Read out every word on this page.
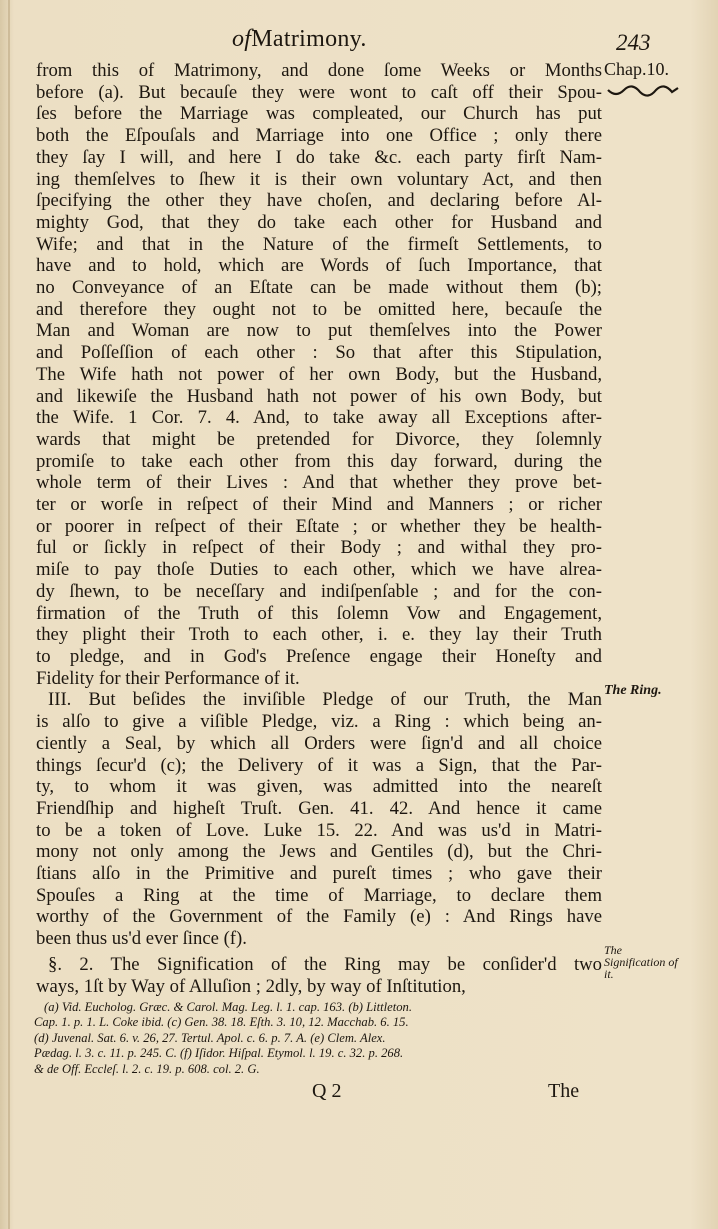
ofMatrimony.	243
Chap.10.
from this of Matrimony, and done ſome Weeks or Months
before (a). But becauſe they were wont to caſt off their Spou-
ſes before the Marriage was compleated, our Church has put
both the Eſpouſals and Marriage into one Office ; only there
they ſay I will, and here I do take &c. each party firſt Nam-
ing themſelves to ſhew it is their own voluntary Act, and then
ſpecifying the other they have choſen, and declaring before Al-
mighty God, that they do take each other for Husband and
Wife; and that in the Nature of the firmeſt Settlements, to
have and to hold, which are Words of ſuch Importance, that
no Conveyance of an Eſtate can be made without them (b);
and therefore they ought not to be omitted here, becauſe the
Man and Woman are now to put themſelves into the Power
and Poſſeſſion of each other : So that after this Stipulation,
The Wife hath not power of her own Body, but the Husband,
and likewiſe the Husband hath not power of his own Body, but
the Wife. 1 Cor. 7. 4. And, to take away all Exceptions after-
wards that might be pretended for Divorce, they ſolemnly
promiſe to take each other from this day forward, during the
whole term of their Lives : And that whether they prove bet-
ter or worſe in reſpect of their Mind and Manners ; or richer
or poorer in reſpect of their Eſtate ; or whether they be health-
ful or ſickly in reſpect of their Body ; and withal they pro-
miſe to pay thoſe Duties to each other, which we have alrea-
dy ſhewn, to be neceſſary and indiſpenſable ; and for the con-
firmation of the Truth of this ſolemn Vow and Engagement,
they plight their Troth to each other, i. e. they lay their Truth
to pledge, and in God's Preſence engage their Honeſty and
Fidelity for their Performance of it.
III. But beſides the inviſible Pledge of our Truth, the Man
is alſo to give a viſible Pledge, viz. a Ring : which being an-
ciently a Seal, by which all Orders were ſign'd and all choice
things ſecur'd (c); the Delivery of it was a Sign, that the Par-
ty, to whom it was given, was admitted into the neareſt
Friendſhip and higheſt Truſt. Gen. 41. 42. And hence it came
to be a token of Love. Luke 15. 22. And was us'd in Matri-
mony not only among the Jews and Gentiles (d), but the Chri-
ſtians alſo in the Primitive and pureſt times ; who gave their
Spouſes a Ring at the time of Marriage, to declare them
worthy of the Government of the Family (e) : And Rings have
been thus us'd ever ſince (f).
§. 2. The Signification of the Ring may be conſider'd two
ways, 1ſt by Way of Alluſion ; 2dly, by way of Inſtitution,
The Ring.
The Signification of it.

(a) Vid. Eucholog. Græc. & Carol. Mag. Leg. l. 1. cap. 163. (b) Littleton.

Cap. 1. p. 1. L. Coke ibid. (c) Gen. 38. 18. Eſth. 3. 10, 12. Macchab. 6. 15.

(d) Juvenal. Sat. 6. v. 26, 27. Tertul. Apol. c. 6. p. 7. A. (e) Clem. Alex.

Pædag. l. 3. c. 11. p. 245. C. (f) Iſidor. Hiſpal. Etymol. l. 19. c. 32. p. 268.

& de Off. Eccleſ. l. 2. c. 19. p. 608. col. 2. G.

Q 2	The
